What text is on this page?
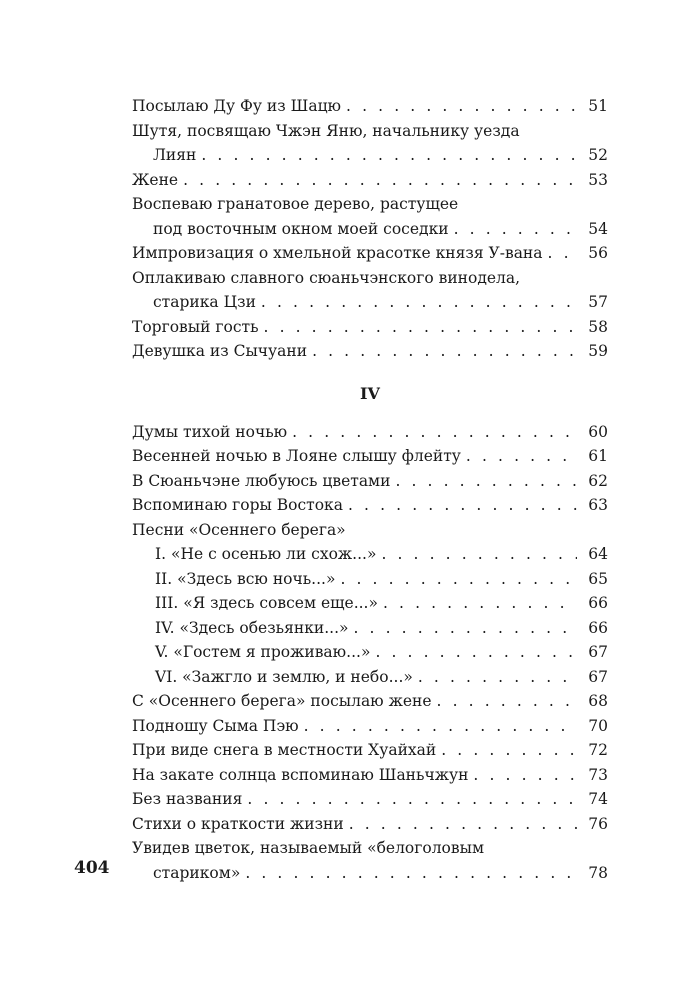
Посылаю Ду Фу из Шацю . . .	51
Шутя, посвящаю Чжэн Яню, начальнику уезда
Лиян . . .	52
Жене . . .	53
Воспеваю гранатовое дерево, растущее
под восточным окном моей соседки . . .	54
Импровизация о хмельной красотке князя У-вана . . .	56
Оплакиваю славного сюаньчэнского винодела,
старика Цзи . . .	57
Торговый гость . . .	58
Девушка из Сычуани . . .	59
IV
Думы тихой ночью . . .	60
Весенней ночью в Лояне слышу флейту . . .	61
В Сюаньчэне любуюсь цветами . . .	62
Вспоминаю горы Востока . . .	63
Песни «Осеннего берега»
I. «Не с осенью ли схож...» . . .	64
II. «Здесь всю ночь...» . . .	65
III. «Я здесь совсем еще...» . . .	66
IV. «Здесь обезьянки...» . . .	66
V. «Гостем я проживаю...» . . .	67
VI. «Зажгло и землю, и небо...» . . .	67
С «Осеннего берега» посылаю жене . . .	68
Подношу Сыма Пэю . . .	70
При виде снега в местности Хуайхай . . .	72
На закате солнца вспоминаю Шаньчжун . . .	73
Без названия . . .	74
Стихи о краткости жизни . . .	76
Увидев цветок, называемый «белоголовым
стариком» . . .	78
404
